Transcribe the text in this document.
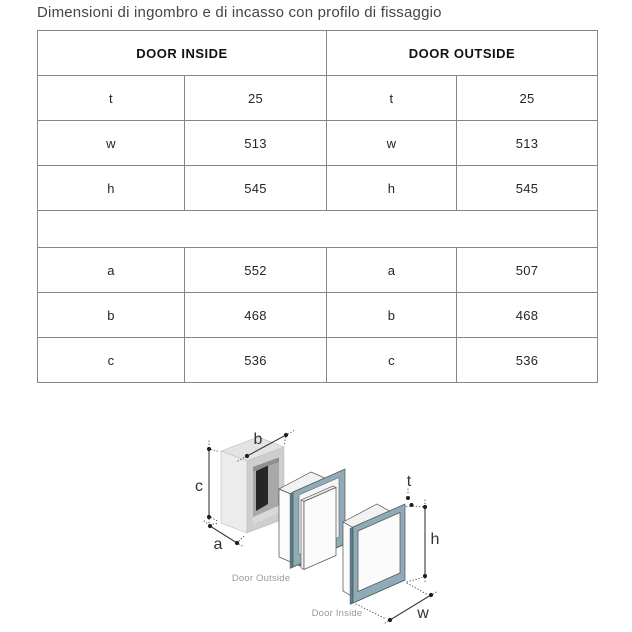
Dimensioni di ingombro e di incasso con profilo di fissaggio
DOOR INSIDE		DOOR OUTSIDE	
t	25	t	25
w	513	w	513
h	545	h	545

a	552	a	507
b	468	b	468
c	536	c	536
b
c
a
t
h
w
Door Outside
Door Inside
